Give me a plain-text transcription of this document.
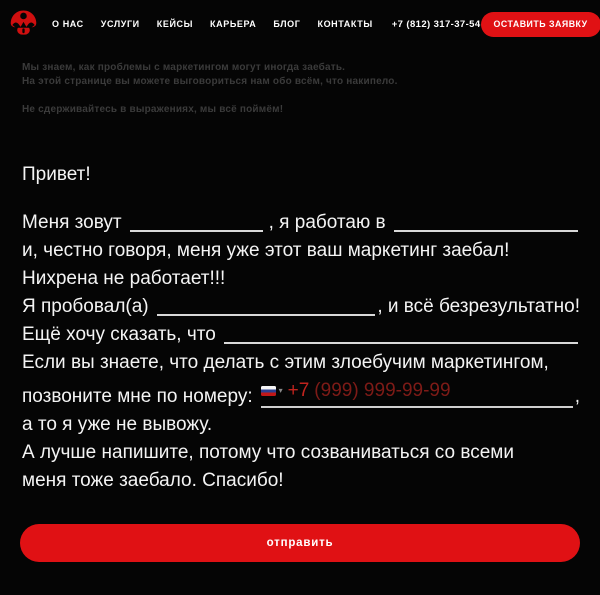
О НАС УСЛУГИ КЕЙСЫ КАРЬЕРА БЛОГ КОНТАКТЫ +7 (812) 317-37-54	ОСТАВИТЬ ЗАЯВКУ
Мы знаем, как проблемы с маркетингом могут иногда заебать.
На этой странице вы можете выговориться нам обо всём, что накипело.
Не сдерживайтесь в выражениях, мы всё поймём!
Привет!
Меня зовут	, я работаю в
и, честно говоря, меня уже этот ваш маркетинг заебал!
Нихрена не работает!!!
Я пробовал(а)	, и всё безрезультатно!
Ещё хочу сказать, что
Если вы знаете, что делать с этим злоебучим маркетингом,
позвоните мне по номеру:	▾ +7 (999) 999-99-99	,
а то я уже не вывожу.
А лучше напишите, потому что созваниваться со всеми
меня тоже заебало. Спасибо!
отправить
